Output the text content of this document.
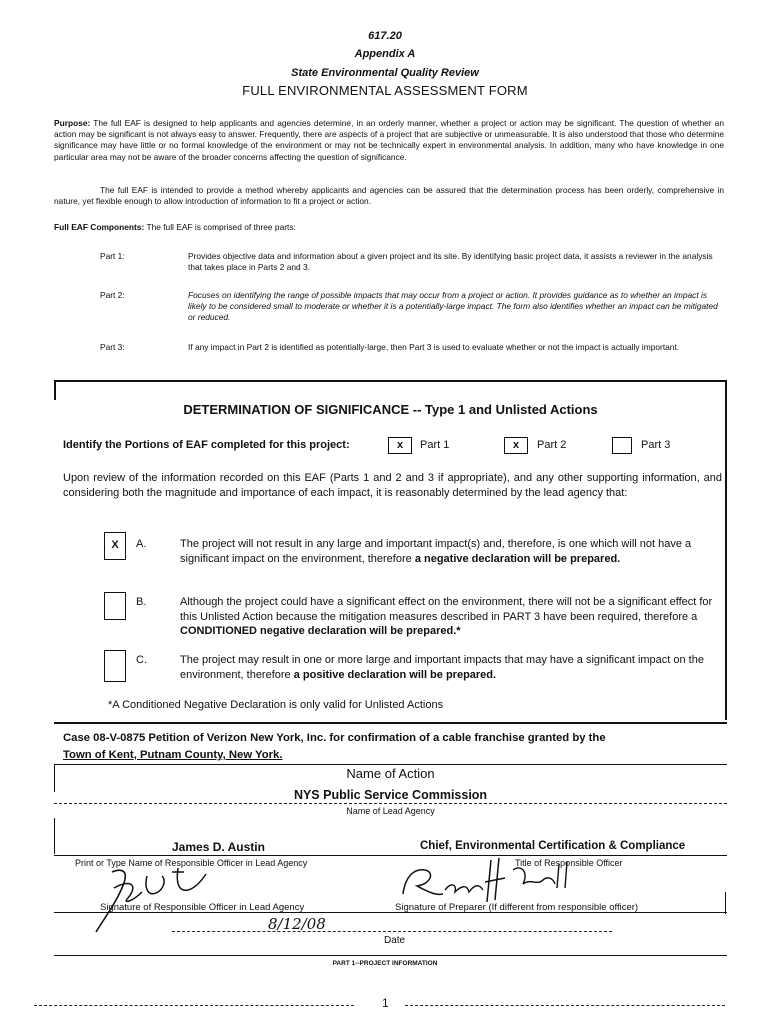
617.20
Appendix A
State Environmental Quality Review
FULL ENVIRONMENTAL ASSESSMENT FORM
Purpose: The full EAF is designed to help applicants and agencies determine, in an orderly manner, whether a project or action may be significant. The question of whether an action may be significant is not always easy to answer. Frequently, there are aspects of a project that are subjective or unmeasurable. It is also understood that those who determine significance may have little or no formal knowledge of the environment or may not be technically expert in environmental analysis. In addition, many who have knowledge in one particular area may not be aware of the broader concerns affecting the question of significance.
The full EAF is intended to provide a method whereby applicants and agencies can be assured that the determination process has been orderly, comprehensive in nature, yet flexible enough to allow introduction of information to fit a project or action.
Full EAF Components: The full EAF is comprised of three parts:
Part 1:	Provides objective data and information about a given project and its site. By identifying basic project data, it assists a reviewer in the analysis that takes place in Parts 2 and 3.
Part 2:	Focuses on identifying the range of possible impacts that may occur from a project or action. It provides guidance as to whether an impact is likely to be considered small to moderate or whether it is a potentially-large impact. The form also identifies whether an impact can be mitigated or reduced.
Part 3:	If any impact in Part 2 is identified as potentially-large, then Part 3 is used to evaluate whether or not the impact is actually important.
DETERMINATION OF SIGNIFICANCE -- Type 1 and Unlisted Actions
Identify the Portions of EAF completed for this project:	x	Part 1	x	Part 2	Part 3
Upon review of the information recorded on this EAF (Parts 1 and 2 and 3 if appropriate), and any other supporting information, and considering both the magnitude and importance of each impact, it is reasonably determined by the lead agency that:
X	A.	The project will not result in any large and important impact(s) and, therefore, is one which will not have a significant impact on the environment, therefore a negative declaration will be prepared.
B.	Although the project could have a significant effect on the environment, there will not be a significant effect for this Unlisted Action because the mitigation measures described in PART 3 have been required, therefore a CONDITIONED negative declaration will be prepared.*
C.	The project may result in one or more large and important impacts that may have a significant impact on the environment, therefore a positive declaration will be prepared.
*A Conditioned Negative Declaration is only valid for Unlisted Actions
Case 08-V-0875 Petition of Verizon New York, Inc. for confirmation of a cable franchise granted by the
Town of Kent, Putnam County, New York.
Name of Action
NYS Public Service Commission
Name of Lead Agency
James D. Austin	Chief, Environmental Certification & Compliance
Print or Type Name of Responsible Officer in Lead Agency	Title of Responsible Officer
Signature of Responsible Officer in Lead Agency	Signature of Preparer (If different from responsible officer)
8/12/08
Date
PART 1--PROJECT INFORMATION
1
